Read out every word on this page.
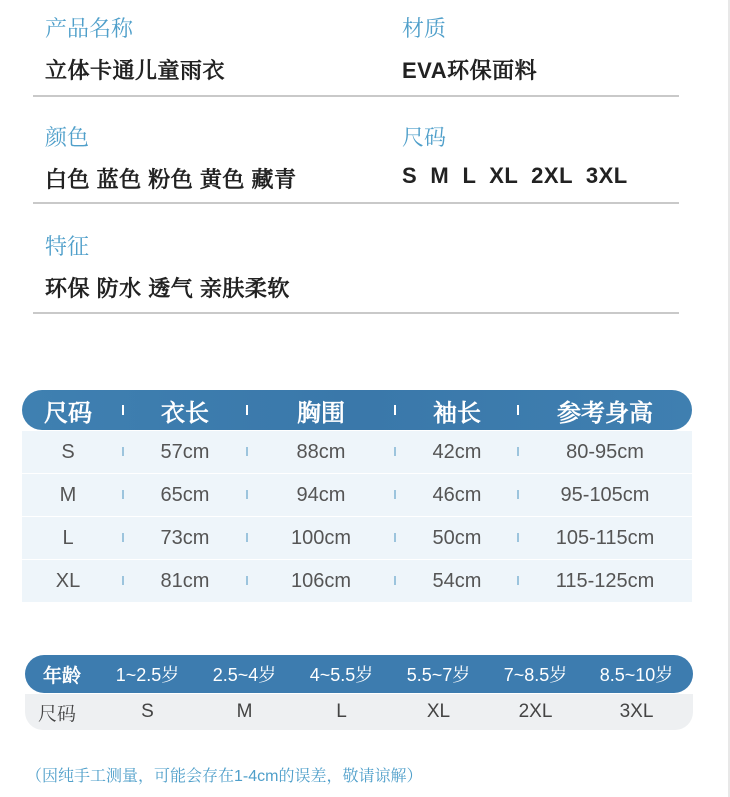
产品名称
立体卡通儿童雨衣
材质
EVA环保面料
颜色
白色 蓝色 粉色 黄色 藏青
尺码
S  M  L  XL  2XL  3XL
特征
环保 防水 透气 亲肤柔软
尺码	衣长	胸围	袖长	参考身高
S	57cm	88cm	42cm	80-95cm
M	65cm	94cm	46cm	95-105cm
L	73cm	100cm	50cm	105-115cm
XL	81cm	106cm	54cm	115-125cm
年龄	1~2.5岁	2.5~4岁	4~5.5岁	5.5~7岁	7~8.5岁	8.5~10岁
尺码	S	M	L	XL	2XL	3XL
（因纯手工测量，可能会存在1-4cm的误差，敬请谅解）
